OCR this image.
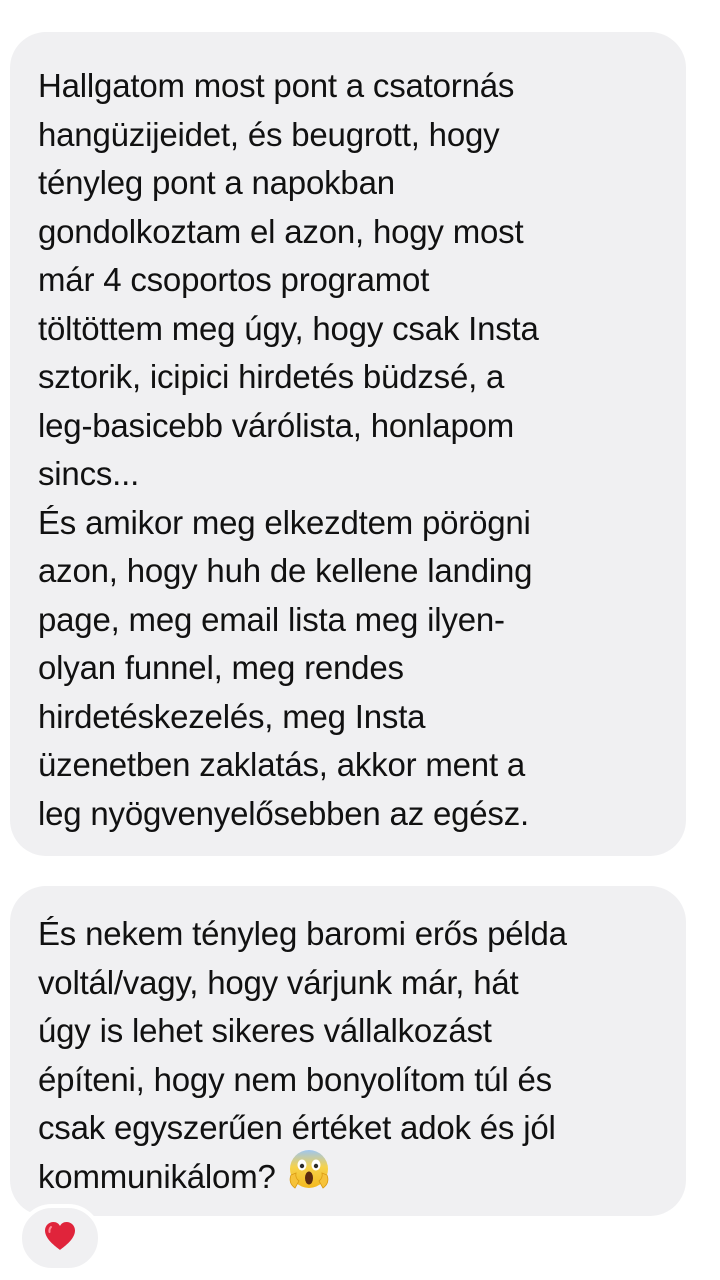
Hallgatom most pont a csatornás
hangüzijeidet, és beugrott, hogy
tényleg pont a napokban
gondolkoztam el azon, hogy most
már 4 csoportos programot
töltöttem meg úgy, hogy csak Insta
sztorik, icipici hirdetés büdzsé, a
leg-basicebb várólista, honlapom
sincs...
És amikor meg elkezdtem pörögni
azon, hogy huh de kellene landing
page, meg email lista meg ilyen-
olyan funnel, meg rendes
hirdetéskezelés, meg Insta
üzenetben zaklatás, akkor ment a
leg nyögvenyelősebben az egész.
És nekem tényleg baromi erős példa
voltál/vagy, hogy várjunk már, hát
úgy is lehet sikeres vállalkozást
építeni, hogy nem bonyolítom túl és
csak egyszerűen értéket adok és jól
kommunikálom?
